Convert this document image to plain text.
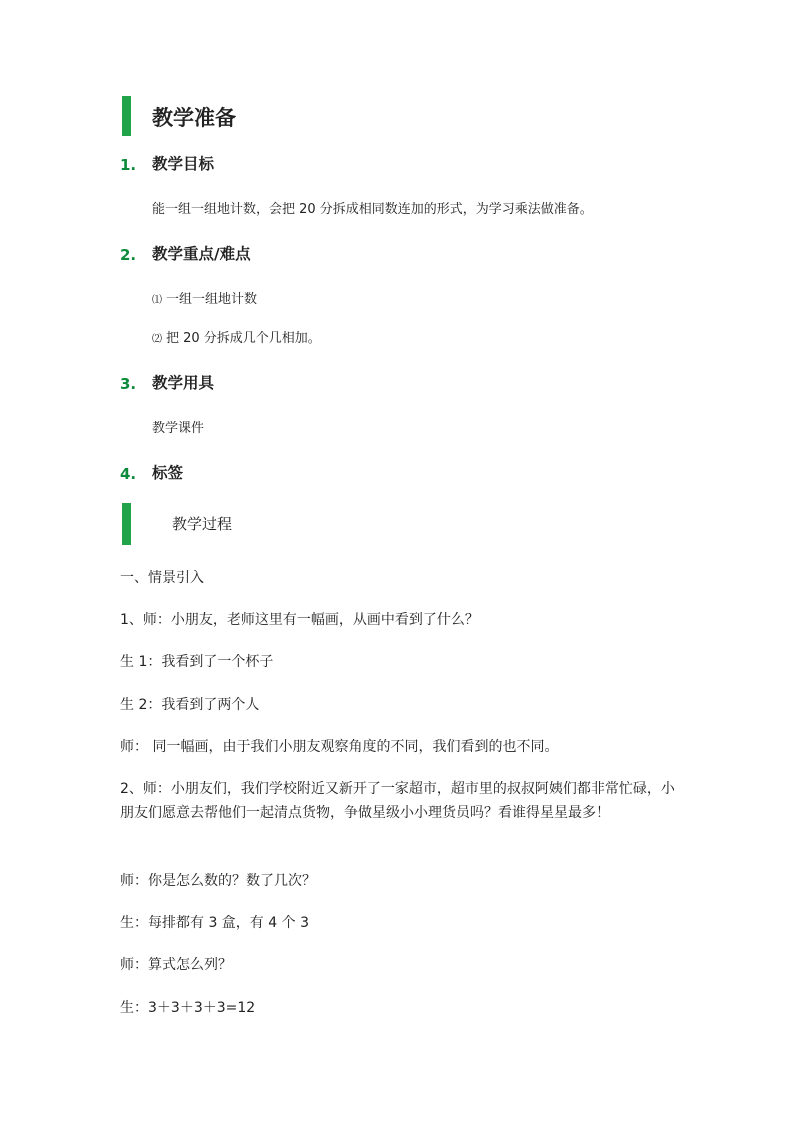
教学准备
1. 教学目标
能一组一组地计数，会把 20 分拆成相同数连加的形式，为学习乘法做准备。
2. 教学重点/难点
⑴ 一组一组地计数
⑵ 把 20 分拆成几个几相加。
3. 教学用具
教学课件
4. 标签
教学过程
一、情景引入
1、师：小朋友，老师这里有一幅画，从画中看到了什么？
生 1：我看到了一个杯子
生 2：我看到了两个人
师： 同一幅画，由于我们小朋友观察角度的不同，我们看到的也不同。
2、师：小朋友们，我们学校附近又新开了一家超市，超市里的叔叔阿姨们都非常忙碌，小朋友们愿意去帮他们一起清点货物，争做星级小小理货员吗？看谁得星星最多！
师：你是怎么数的？数了几次？
生：每排都有 3 盒，有 4 个 3
师：算式怎么列？
生：3＋3＋3＋3=12
